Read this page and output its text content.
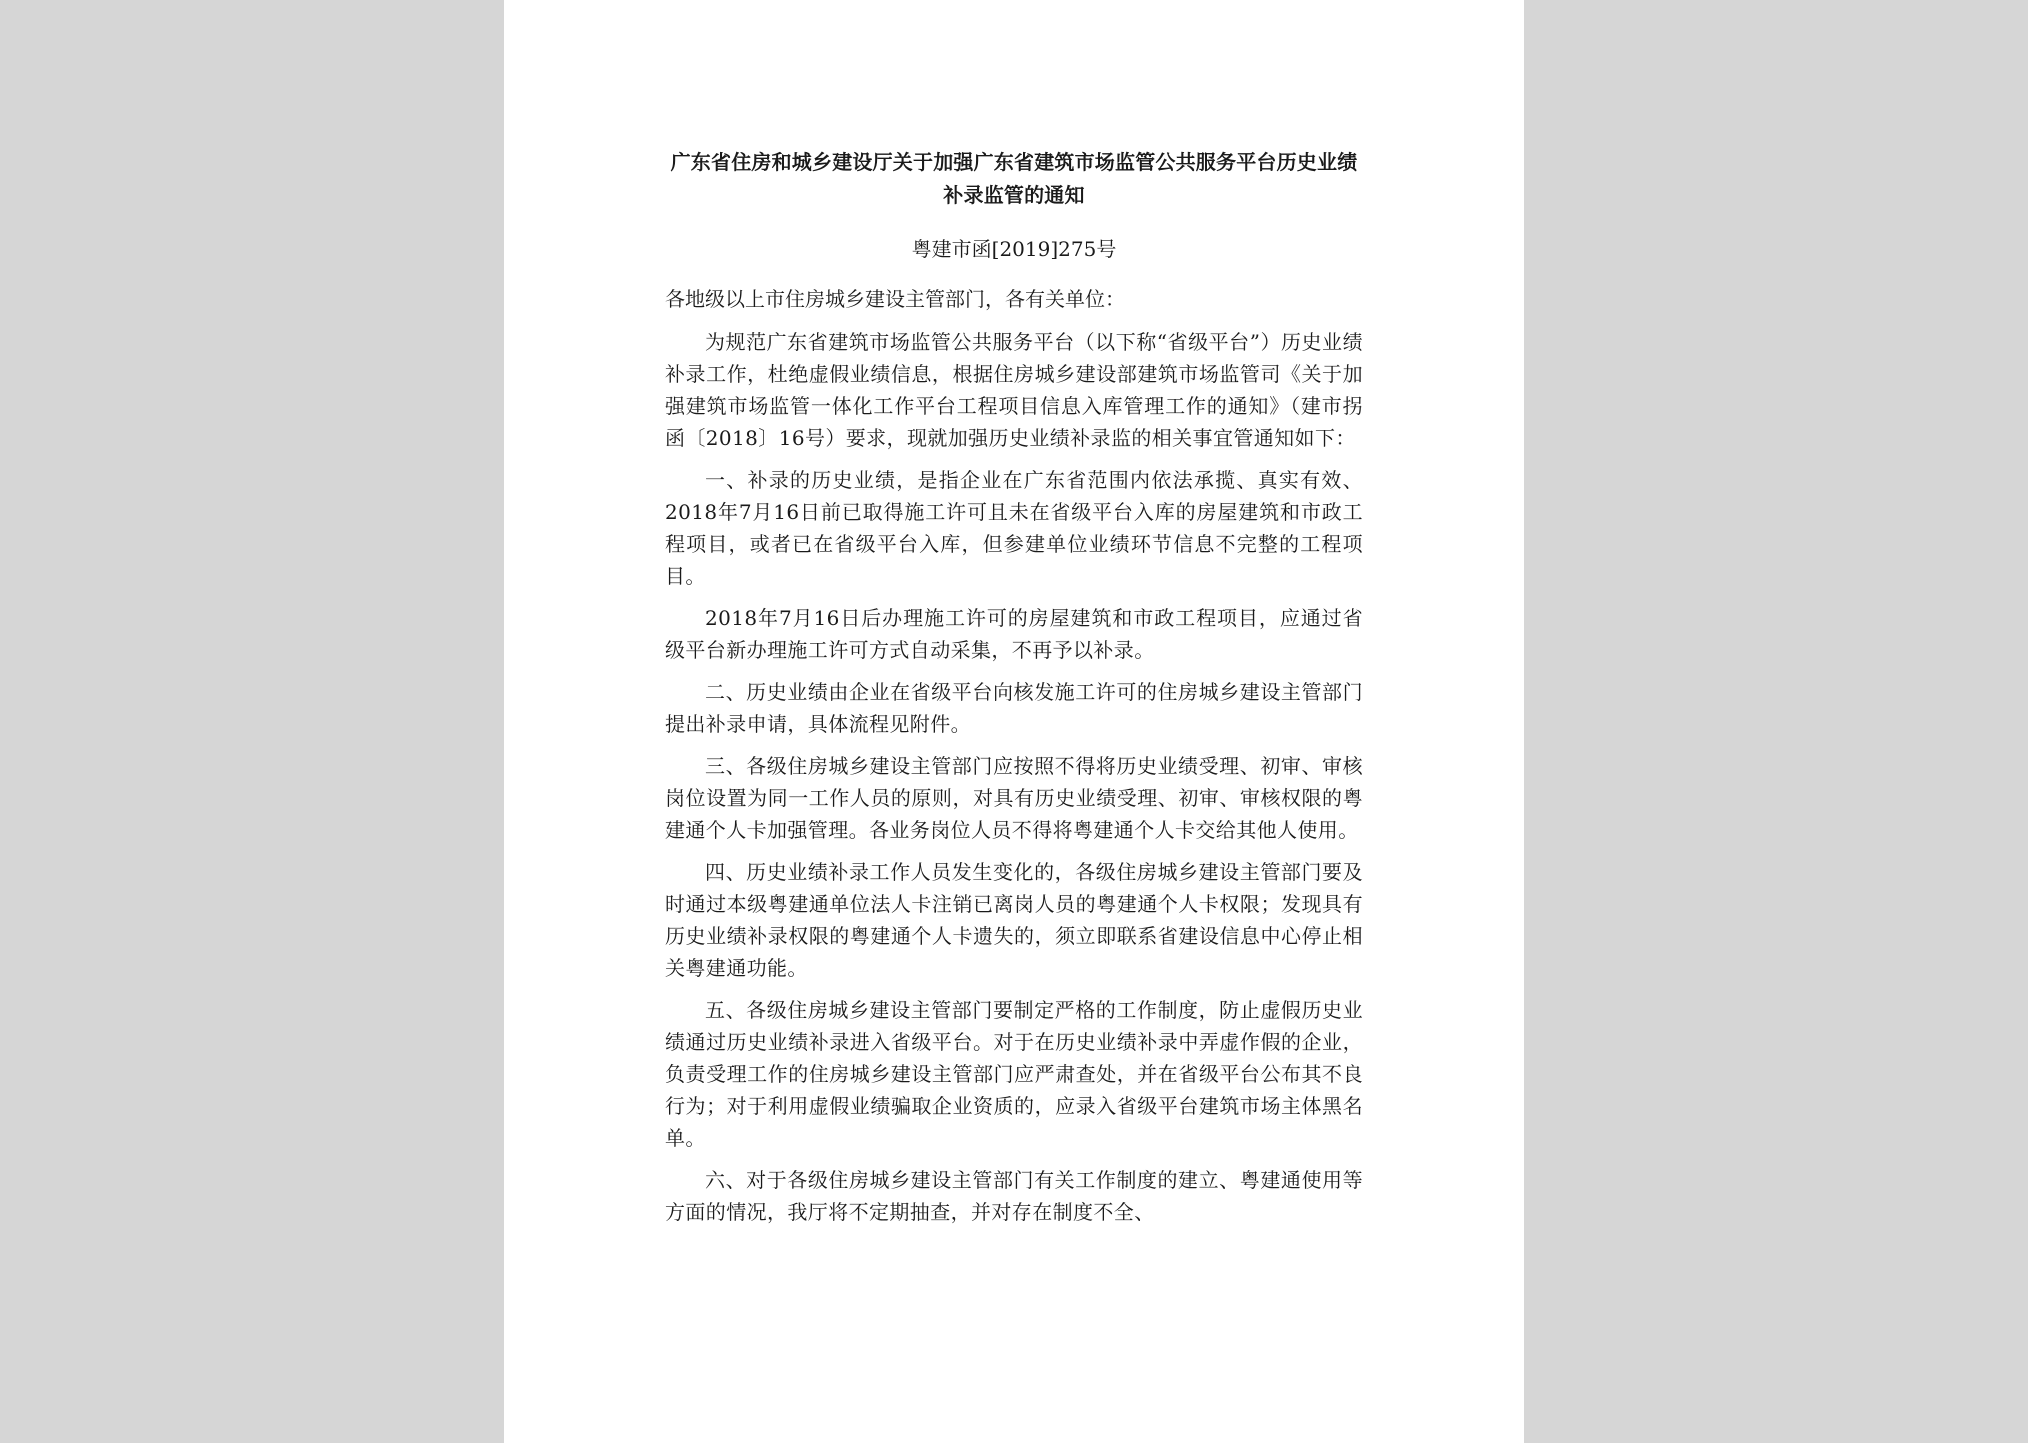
广东省住房和城乡建设厅关于加强广东省建筑市场监管公共服务平台历史业绩补录监管的通知

粤建市函[2019]275号

各地级以上市住房城乡建设主管部门，各有关单位：

为规范广东省建筑市场监管公共服务平台（以下称“省级平台”）历史业绩补录工作，杜绝虚假业绩信息，根据住房城乡建设部建筑市场监管司《关于加强建筑市场监管一体化工作平台工程项目信息入库管理工作的通知》（建市拐函〔2018〕16号）要求，现就加强历史业绩补录监的相关事宜管通知如下：

一、补录的历史业绩，是指企业在广东省范围内依法承揽、真实有效、2018年7月16日前已取得施工许可且未在省级平台入库的房屋建筑和市政工程项目，或者已在省级平台入库，但参建单位业绩环节信息不完整的工程项目。

2018年7月16日后办理施工许可的房屋建筑和市政工程项目，应通过省级平台新办理施工许可方式自动采集，不再予以补录。

二、历史业绩由企业在省级平台向核发施工许可的住房城乡建设主管部门提出补录申请，具体流程见附件。

三、各级住房城乡建设主管部门应按照不得将历史业绩受理、初审、审核岗位设置为同一工作人员的原则，对具有历史业绩受理、初审、审核权限的粤建通个人卡加强管理。各业务岗位人员不得将粤建通个人卡交给其他人使用。

四、历史业绩补录工作人员发生变化的，各级住房城乡建设主管部门要及时通过本级粤建通单位法人卡注销已离岗人员的粤建通个人卡权限；发现具有历史业绩补录权限的粤建通个人卡遗失的，须立即联系省建设信息中心停止相关粤建通功能。

五、各级住房城乡建设主管部门要制定严格的工作制度，防止虚假历史业绩通过历史业绩补录进入省级平台。对于在历史业绩补录中弄虚作假的企业，负责受理工作的住房城乡建设主管部门应严肃查处，并在省级平台公布其不良行为；对于利用虚假业绩骗取企业资质的，应录入省级平台建筑市场主体黑名单。

六、对于各级住房城乡建设主管部门有关工作制度的建立、粤建通使用等方面的情况，我厅将不定期抽查，并对存在制度不全、
